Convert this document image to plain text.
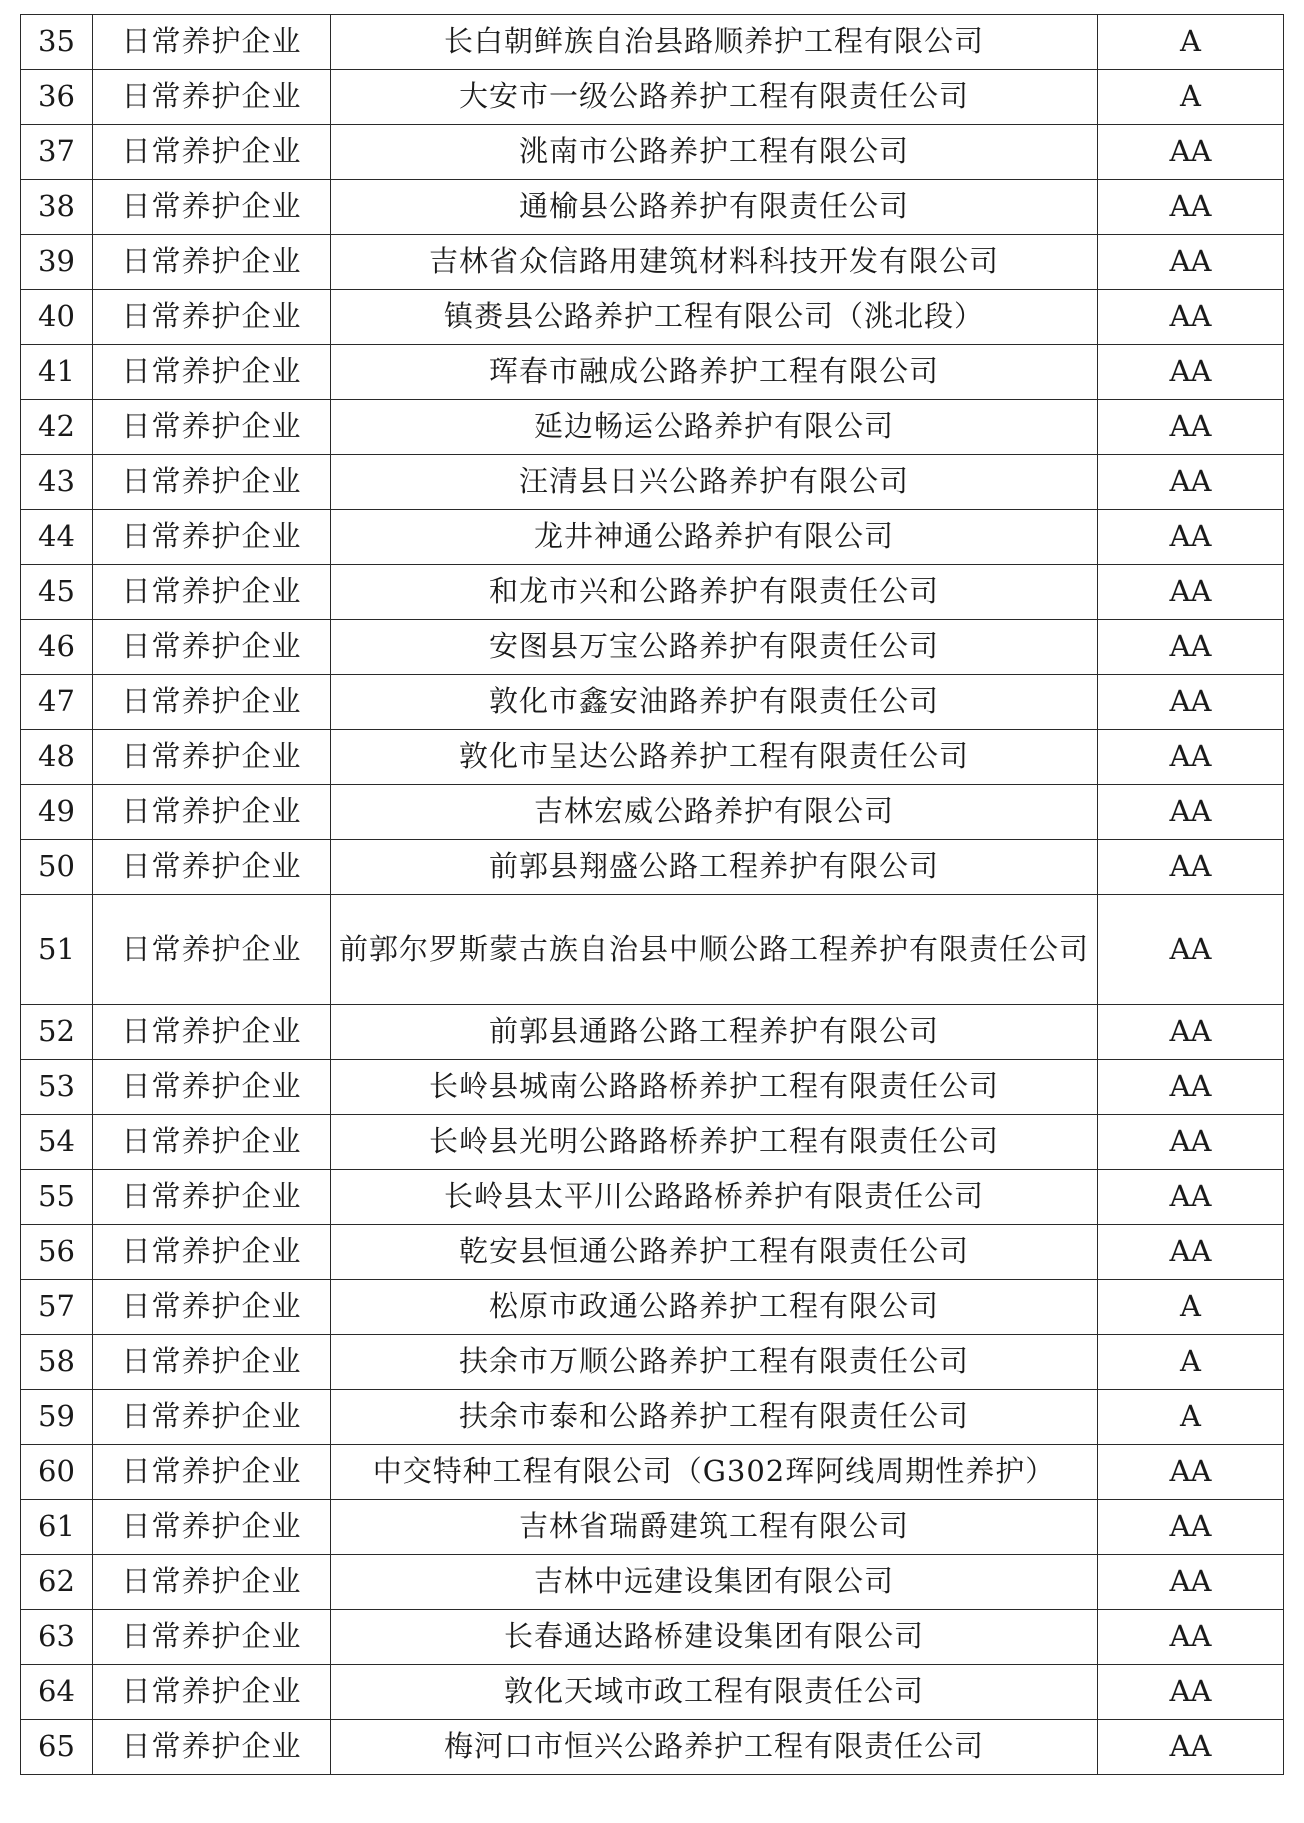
35	日常养护企业	长白朝鲜族自治县路顺养护工程有限公司	A
36	日常养护企业	大安市一级公路养护工程有限责任公司	A
37	日常养护企业	洮南市公路养护工程有限公司	AA
38	日常养护企业	通榆县公路养护有限责任公司	AA
39	日常养护企业	吉林省众信路用建筑材料科技开发有限公司	AA
40	日常养护企业	镇赉县公路养护工程有限公司（洮北段）	AA
41	日常养护企业	珲春市融成公路养护工程有限公司	AA
42	日常养护企业	延边畅运公路养护有限公司	AA
43	日常养护企业	汪清县日兴公路养护有限公司	AA
44	日常养护企业	龙井神通公路养护有限公司	AA
45	日常养护企业	和龙市兴和公路养护有限责任公司	AA
46	日常养护企业	安图县万宝公路养护有限责任公司	AA
47	日常养护企业	敦化市鑫安油路养护有限责任公司	AA
48	日常养护企业	敦化市呈达公路养护工程有限责任公司	AA
49	日常养护企业	吉林宏威公路养护有限公司	AA
50	日常养护企业	前郭县翔盛公路工程养护有限公司	AA
51	日常养护企业	前郭尔罗斯蒙古族自治县中顺公路工程养护有限责任公司	AA
52	日常养护企业	前郭县通路公路工程养护有限公司	AA
53	日常养护企业	长岭县城南公路路桥养护工程有限责任公司	AA
54	日常养护企业	长岭县光明公路路桥养护工程有限责任公司	AA
55	日常养护企业	长岭县太平川公路路桥养护有限责任公司	AA
56	日常养护企业	乾安县恒通公路养护工程有限责任公司	AA
57	日常养护企业	松原市政通公路养护工程有限公司	A
58	日常养护企业	扶余市万顺公路养护工程有限责任公司	A
59	日常养护企业	扶余市泰和公路养护工程有限责任公司	A
60	日常养护企业	中交特种工程有限公司（G302珲阿线周期性养护）	AA
61	日常养护企业	吉林省瑞爵建筑工程有限公司	AA
62	日常养护企业	吉林中远建设集团有限公司	AA
63	日常养护企业	长春通达路桥建设集团有限公司	AA
64	日常养护企业	敦化天域市政工程有限责任公司	AA
65	日常养护企业	梅河口市恒兴公路养护工程有限责任公司	AA
